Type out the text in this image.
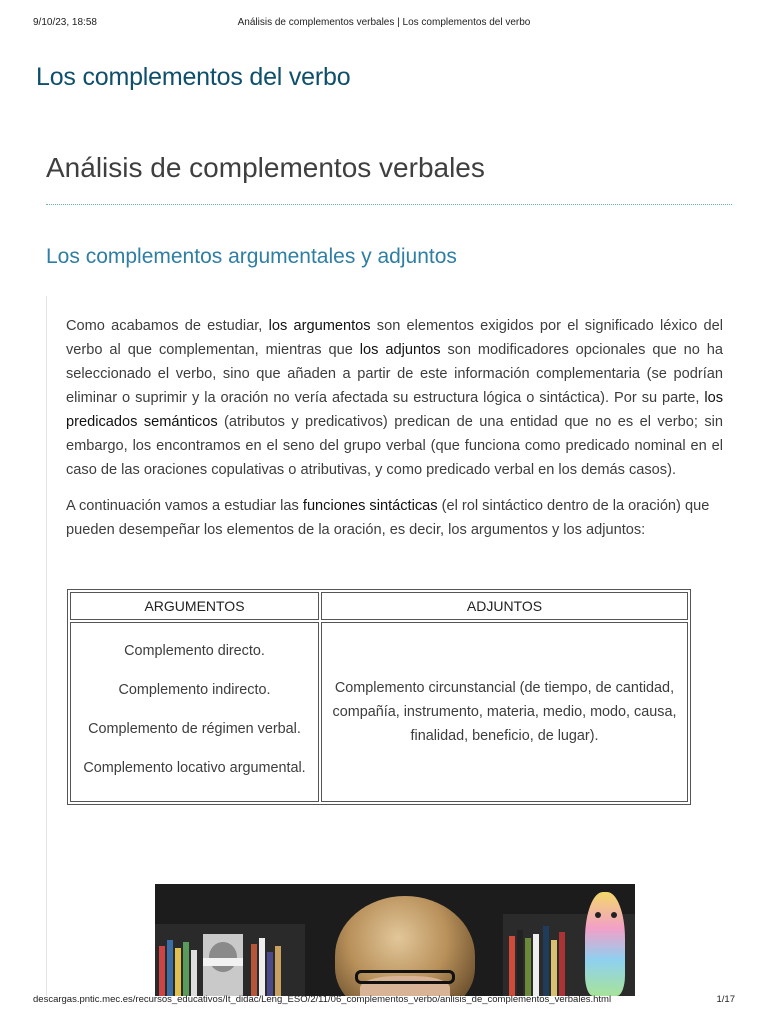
9/10/23, 18:58	Análisis de complementos verbales | Los complementos del verbo
Los complementos del verbo
Análisis de complementos verbales
Los complementos argumentales y adjuntos

Como acabamos de estudiar, los argumentos son elementos exigidos por el significado léxico del verbo al que complementan, mientras que los adjuntos son modificadores opcionales que no ha seleccionado el verbo, sino que añaden a partir de este información complementaria (se podrían eliminar o suprimir y la oración no vería afectada su estructura lógica o sintáctica). Por su parte, los predicados semánticos (atributos y predicativos) predican de una entidad que no es el verbo; sin embargo, los encontramos en el seno del grupo verbal (que funciona como predicado nominal en el caso de las oraciones copulativas o atributivas, y como predicado verbal en los demás casos).

A continuación vamos a estudiar las funciones sintácticas (el rol sintáctico dentro de la oración) que pueden desempeñar los elementos de la oración, es decir, los argumentos y los adjuntos:

ARGUMENTOS	ADJUNTOS

Complemento directo.
Complemento indirecto.
Complemento de régimen verbal.
Complemento locativo argumental.	Complemento circunstancial (de tiempo, de cantidad, compañía, instrumento, materia, medio, modo, causa, finalidad, beneficio, de lugar).
descargas.pntic.mec.es/recursos_educativos/It_didac/Leng_ESO/2/11/06_complementos_verbo/anlisis_de_complementos_verbales.html	1/17
